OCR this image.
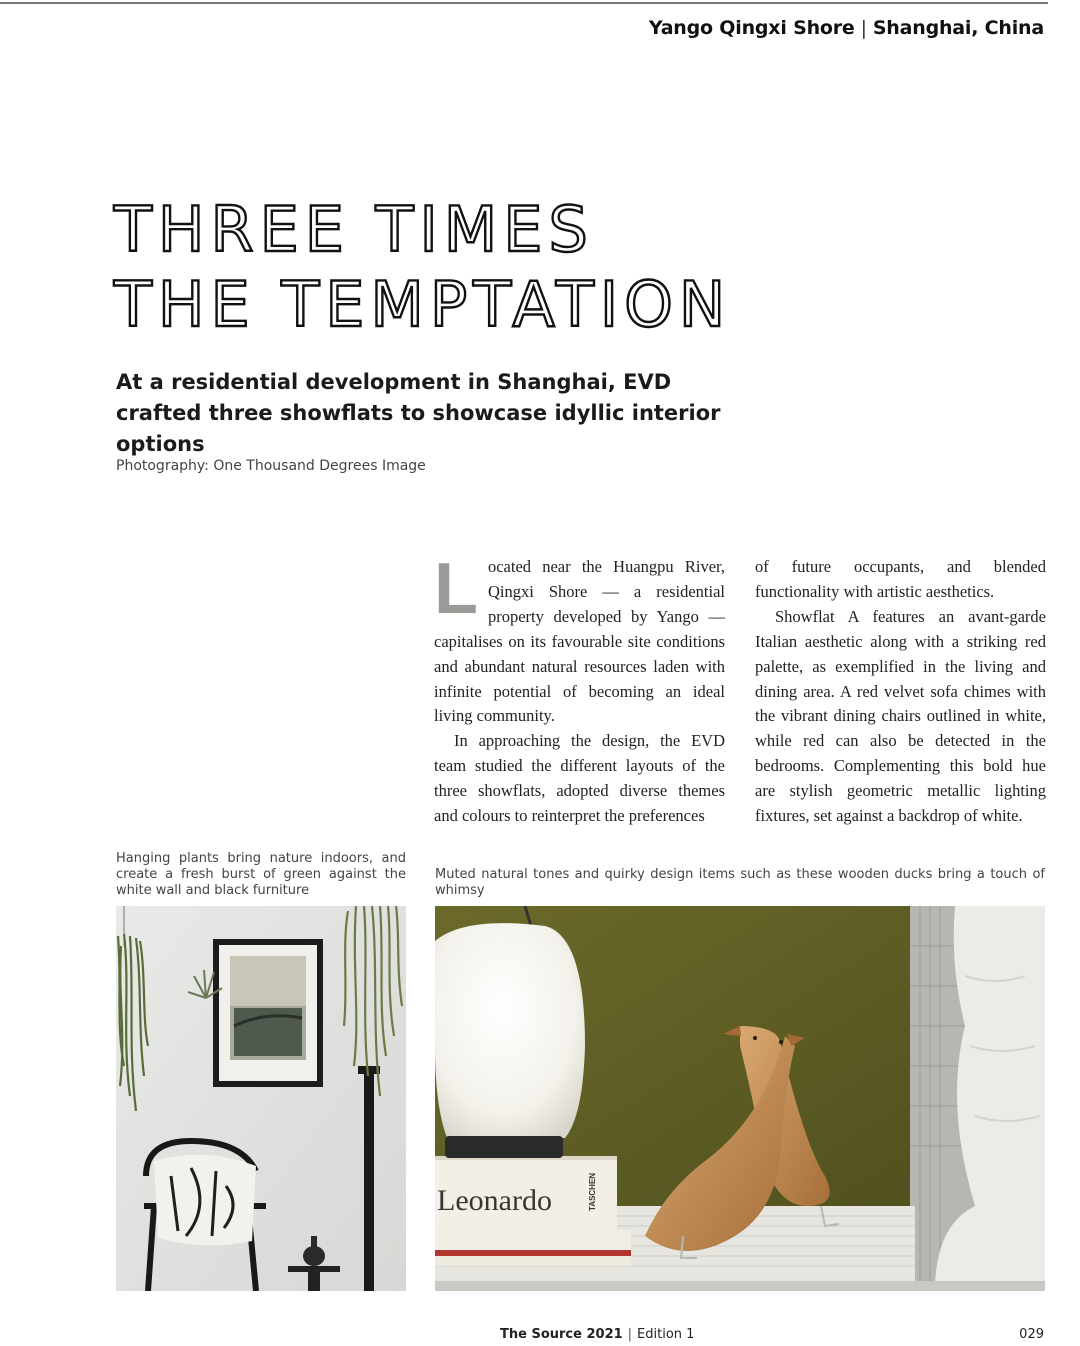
Yango Qingxi Shore | Shanghai, China
THREE TIMES
THE TEMPTATION

At a residential development in Shanghai, EVD crafted three showflats to showcase idyllic interior options

Photography: One Thousand Degrees Image

Located near the Huangpu River, Qingxi Shore — a residential property developed by Yango — capitalises on its favourable site conditions and abundant natural resources laden with infinite potential of becoming an ideal living community.

In approaching the design, the EVD team studied the different layouts of the three showflats, adopted diverse themes and colours to reinterpret the preferences

of future occupants, and blended functionality with artistic aesthetics.

Showflat A features an avant-garde Italian aesthetic along with a striking red palette, as exemplified in the living and dining area. A red velvet sofa chimes with the vibrant dining chairs outlined in white, while red can also be detected in the bedrooms. Complementing this bold hue are stylish geometric metallic lighting fixtures, set against a backdrop of white.

Hanging plants bring nature indoors, and create a fresh burst of green against the white wall and black furniture
Muted natural tones and quirky design items such as these wooden ducks bring a touch of whimsy
Leonardo	TASCHEN
The Source 2021 | Edition 1	029
